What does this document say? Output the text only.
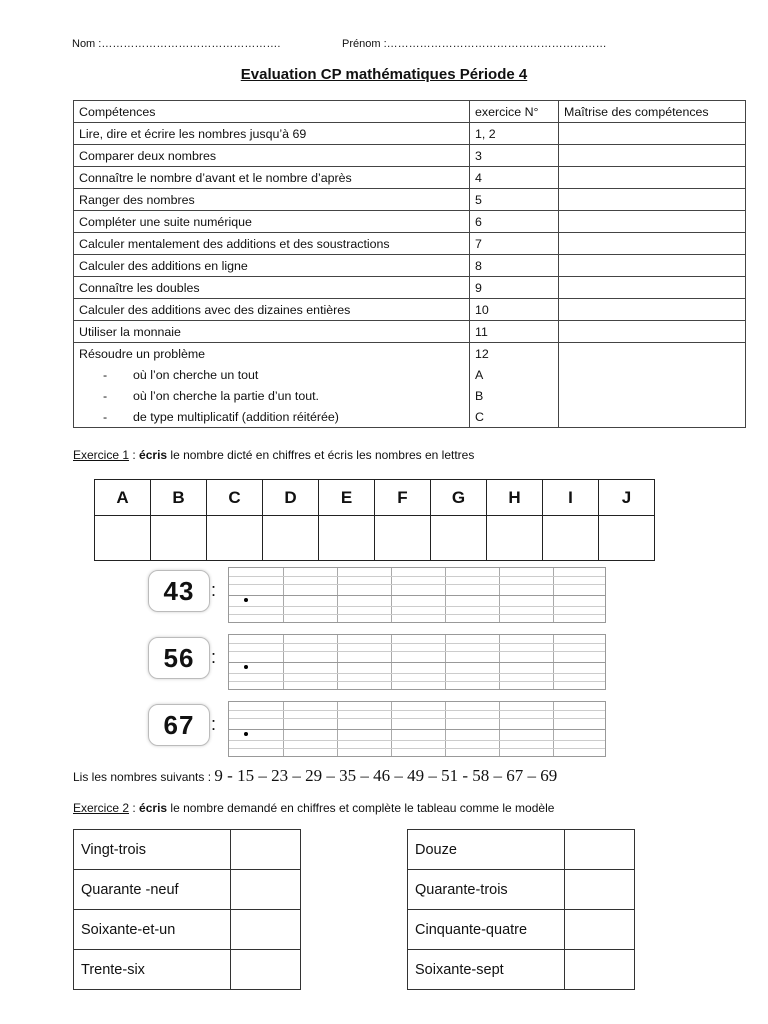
Nom :………………………………………….	Prénom :……………………………………………………
Evaluation CP mathématiques Période 4
Compétences	exercice N°	Maîtrise des compétences
Lire, dire et écrire les nombres jusqu’à 69	1, 2	
Comparer deux nombres	3	
Connaître le nombre d’avant et le nombre d’après	4	
Ranger des nombres	5	
Compléter une suite numérique	6	
Calculer mentalement des additions et des soustractions	7	
Calculer des additions en ligne	8	
Connaître les doubles	9	
Calculer des additions avec des dizaines entières	10	
Utiliser la monnaie	11	
Résoudre un problème	12	
- où l’on cherche un tout	A	
- où l’on cherche la partie d’un tout.	B	
- de type multiplicatif (addition réitérée)	C	
Exercice 1 : écris le nombre dicté en chiffres et écris les nombres en lettres
A	B	C	D	E	F	G	H	I	J

43 :
56 :
67 :
Lis les nombres suivants : 9 - 15 – 23 – 29 – 35 – 46 – 49 – 51 - 58 – 67 – 69
Exercice 2 : écris le nombre demandé en chiffres et complète le tableau comme le modèle
Vingt-trois	
Quarante -neuf	
Soixante-et-un	
Trente-six	
Douze	
Quarante-trois	
Cinquante-quatre	
Soixante-sept	
